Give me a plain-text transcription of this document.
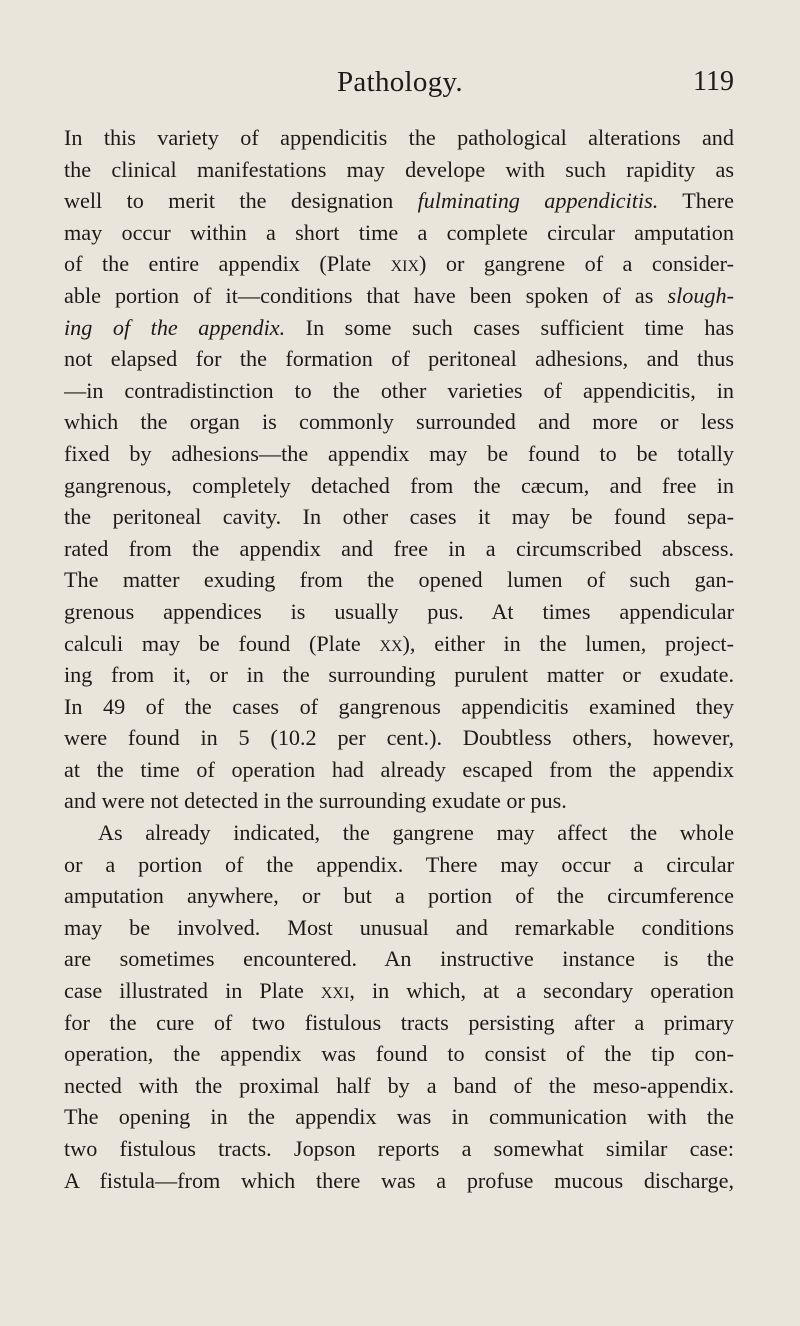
Pathology.	119
In this variety of appendicitis the pathological alterations and
the clinical manifestations may develope with such rapidity as
well to merit the designation fulminating appendicitis. There
may occur within a short time a complete circular amputation
of the entire appendix (Plate xix) or gangrene of a consider-
able portion of it—conditions that have been spoken of as slough-
ing of the appendix. In some such cases sufficient time has
not elapsed for the formation of peritoneal adhesions, and thus
—in contradistinction to the other varieties of appendicitis, in
which the organ is commonly surrounded and more or less
fixed by adhesions—the appendix may be found to be totally
gangrenous, completely detached from the cæcum, and free in
the peritoneal cavity. In other cases it may be found sepa-
rated from the appendix and free in a circumscribed abscess.
The matter exuding from the opened lumen of such gan-
grenous appendices is usually pus. At times appendicular
calculi may be found (Plate xx), either in the lumen, project-
ing from it, or in the surrounding purulent matter or exudate.
In 49 of the cases of gangrenous appendicitis examined they
were found in 5 (10.2 per cent.). Doubtless others, however,
at the time of operation had already escaped from the appendix
and were not detected in the surrounding exudate or pus.
As already indicated, the gangrene may affect the whole
or a portion of the appendix. There may occur a circular
amputation anywhere, or but a portion of the circumference
may be involved. Most unusual and remarkable conditions
are sometimes encountered. An instructive instance is the
case illustrated in Plate xxi, in which, at a secondary operation
for the cure of two fistulous tracts persisting after a primary
operation, the appendix was found to consist of the tip con-
nected with the proximal half by a band of the meso-appendix.
The opening in the appendix was in communication with the
two fistulous tracts. Jopson reports a somewhat similar case:
A fistula—from which there was a profuse mucous discharge,
